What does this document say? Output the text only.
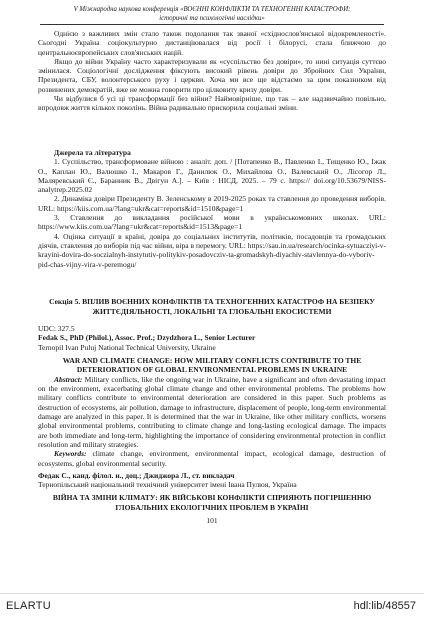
V Міжнародна наукова конференція «ВОЄННІ КОНФЛІКТИ ТА ТЕХНОГЕННІ КАТАСТРОФИ:
історичні та психологічні наслідки»

Однією з важливих змін стало також подолання так званої «східнослов'янської відокремленості». Сьогодні Україна соціокультурно дистанціювалася від росії і білорусі, стала ближчою до центральноєвропейських слов'янських націй.

Якщо до війни Україну часто характеризували як «суспільство без довіри», то нині ситуація суттєво змінилася. Соціологічні дослідження фіксують високий рівень довіри до Збройних Сил України, Президента, СБУ, волонтерського руху і церкви. Хоча ми все ще відстаємо за цим показником від розвинених демократій, вже не можна говорити про цілковиту кризу довіри.

Чи відбулися б усі ці трансформації без війни? Наймовірніше, що так – але надзвичайно повільно, впродовж життя кількох поколінь. Війна радикально прискорила соціальні зміни.

Джерела та література

1. Суспільство, трансформоване війною : аналіт. доп. / [Потапенко В., Павленко І., Тищенко Ю., Іжак О., Каплан Ю., Валюшко І., Макаров Г., Данилюк О., Михайлова О., Валевський О., Лісогор Л., Маляревський Є., Баранник В., Двігун А.]. – Київ : НІСД, 2025. – 79 с. https:// doi.org/10.53679/NISS-analytrep.2025.02

2. Динаміка довіри Президенту В. Зеленському в 2019-2025 роках та ставлення до проведення виборів. URL: https://kiis.com.ua/?lang=ukr&cat=reports&id=1510&page=1

3. Ставлення до викладання російської мови в українськомовних школах. URL: https://www.kiis.com.ua/?lang=ukr&cat=reports&id=1513&page=1

4. Оцінка ситуації в країні, довіра до соціальних інститутів, політиків, посадовців та громадських діячів, ставлення до виборів під час війни, віра в перемогу. URL: https://sau.in.ua/research/ocinka-sytuacziyi-v-krayini-dovira-do-soczialnyh-instytutiv-politykiv-posadovcziv-ta-gromadskyh-diyachiv-stavlennya-do-vyboriv-pid-chas-vijny-vira-v-peremogu/

Секція 5. ВПЛИВ ВОЄННИХ КОНФЛІКТІВ ТА ТЕХНОГЕННИХ КАТАСТРОФ НА БЕЗПЕКУ ЖИТТЄДІЯЛЬНОСТІ, ЛОКАЛЬНІ ТА ГЛОБАЛЬНІ ЕКОСИСТЕМИ

UDC: 327.5

Fedak S., PhD (Philol.), Assoc. Prof.; Dzydzhora L., Senior Lecturer

Ternopil Ivan Puluj National Technical University, Ukraine

WAR AND CLIMATE CHANGE: HOW MILITARY CONFLICTS CONTRIBUTE TO THE DETERIORATION OF GLOBAL ENVIRONMENTAL PROBLEMS IN UKRAINE

Abstract: Military conflicts, like the ongoing war in Ukraine, have a significant and often devastating impact on the environment, exacerbating global climate change and other environmental problems. The problems how military conflicts contribute to environmental deterioration are considered in this paper. Such problems as destruction of ecosystems, air pollution, damage to infrastructure, displacement of people, long-term environmental damage are analyzed in this paper. It is determined that the war in Ukraine, like other military conflicts, worsens global environmental problems, contributing to climate change and long-lasting ecological damage. The impacts are both immediate and long-term, highlighting the importance of considering environmental protection in conflict resolution and military strategies.

Keywords: climate change, environment, environmental impact, ecological damage, destruction of ecosystems, global environmental security.

Федак С., канд. філол. н., доц.; Джиджора Л., ст. викладач

Тернопільський національний технічний університет імені Івана Пулюя, Україна

ВІЙНА ТА ЗМІНИ КЛІМАТУ: ЯК ВІЙСЬКОВІ КОНФЛІКТИ СПРИЯЮТЬ ПОГІРШЕННЮ ГЛОБАЛЬНИХ ЕКОЛОГІЧНИХ ПРОБЛЕМ В УКРАЇНІ

101

ELARTU	hdl:lib/48557
